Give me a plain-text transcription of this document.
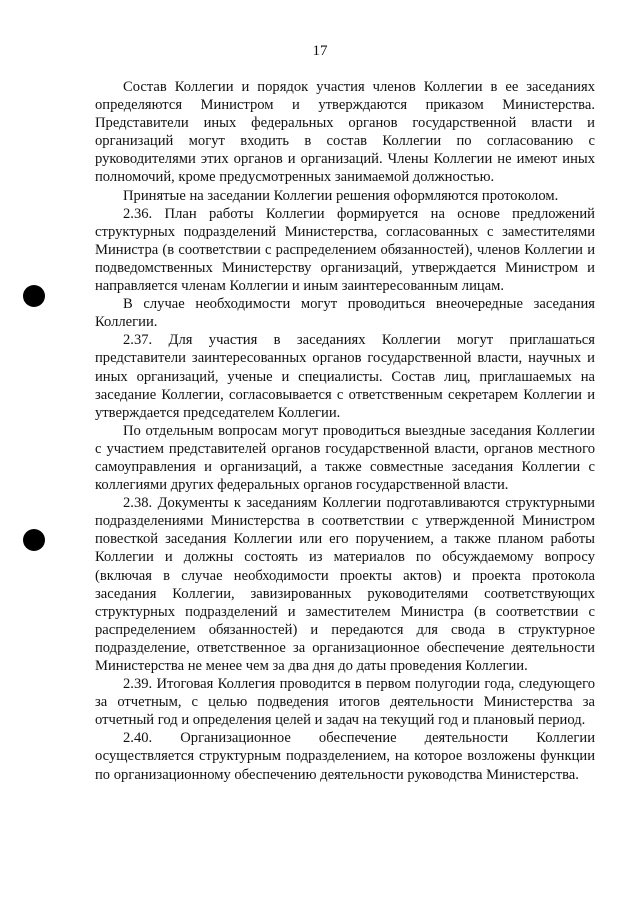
17

Состав Коллегии и порядок участия членов Коллегии в ее заседаниях определяются Министром и утверждаются приказом Министерства. Представители иных федеральных органов государственной власти и организаций могут входить в состав Коллегии по согласованию с руководителями этих органов и организаций. Члены Коллегии не имеют иных полномочий, кроме предусмотренных занимаемой должностью.

Принятые на заседании Коллегии решения оформляются протоколом.

2.36. План работы Коллегии формируется на основе предложений структурных подразделений Министерства, согласованных с заместителями Министра (в соответствии с распределением обязанностей), членов Коллегии и подведомственных Министерству организаций, утверждается Министром и направляется членам Коллегии и иным заинтересованным лицам.

В случае необходимости могут проводиться внеочередные заседания Коллегии.

2.37. Для участия в заседаниях Коллегии могут приглашаться представители заинтересованных органов государственной власти, научных и иных организаций, ученые и специалисты. Состав лиц, приглашаемых на заседание Коллегии, согласовывается с ответственным секретарем Коллегии и утверждается председателем Коллегии.

По отдельным вопросам могут проводиться выездные заседания Коллегии с участием представителей органов государственной власти, органов местного самоуправления и организаций, а также совместные заседания Коллегии с коллегиями других федеральных органов государственной власти.

2.38. Документы к заседаниям Коллегии подготавливаются структурными подразделениями Министерства в соответствии с утвержденной Министром повесткой заседания Коллегии или его поручением, а также планом работы Коллегии и должны состоять из материалов по обсуждаемому вопросу (включая в случае необходимости проекты актов) и проекта протокола заседания Коллегии, завизированных руководителями соответствующих структурных подразделений и заместителем Министра (в соответствии с распределением обязанностей) и передаются для свода в структурное подразделение, ответственное за организационное обеспечение деятельности Министерства не менее чем за два дня до даты проведения Коллегии.

2.39. Итоговая Коллегия проводится в первом полугодии года, следующего за отчетным, с целью подведения итогов деятельности Министерства за отчетный год и определения целей и задач на текущий год и плановый период.

2.40. Организационное обеспечение деятельности Коллегии осуществляется структурным подразделением, на которое возложены функции по организационному обеспечению деятельности руководства Министерства.
